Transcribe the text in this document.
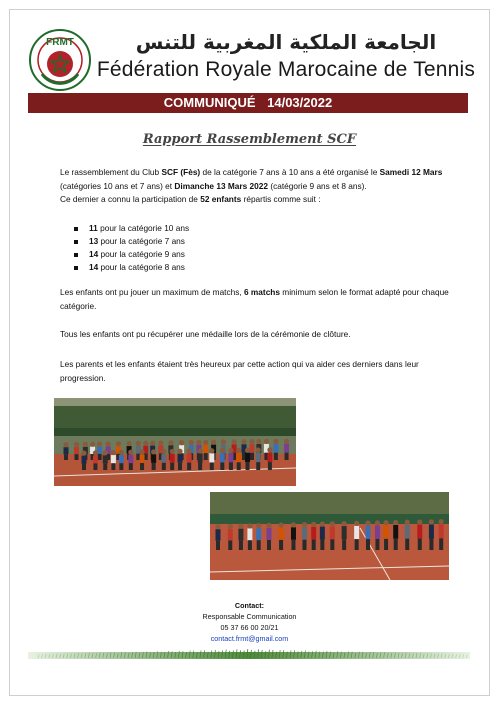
FRMT	الجامعة الملكية المغربية للتنس
Fédération Royale Marocaine de Tennis
COMMUNIQUÉ 14/03/2022
Rapport Rassemblement SCF
Le rassemblement du Club SCF (Fès) de la catégorie 7 ans à 10 ans a été organisé le Samedi 12 Mars (catégories 10 ans et 7 ans) et Dimanche 13 Mars 2022 (catégorie 9 ans et 8 ans).
Ce dernier a connu la participation de 52 enfants répartis comme suit :
11 pour la catégorie 10 ans
13 pour la catégorie 7 ans
14 pour la catégorie 9 ans
14 pour la catégorie 8 ans
Les enfants ont pu jouer un maximum de matchs, 6 matchs minimum selon le format adapté pour chaque catégorie.
Tous les enfants ont pu récupérer une médaille lors de la cérémonie de clôture.
Les parents et les enfants étaient très heureux par cette action qui va aider ces derniers dans leur progression.
Contact:
Responsable Communication
05 37 66 00 20/21
contact.frmt@gmail.com
